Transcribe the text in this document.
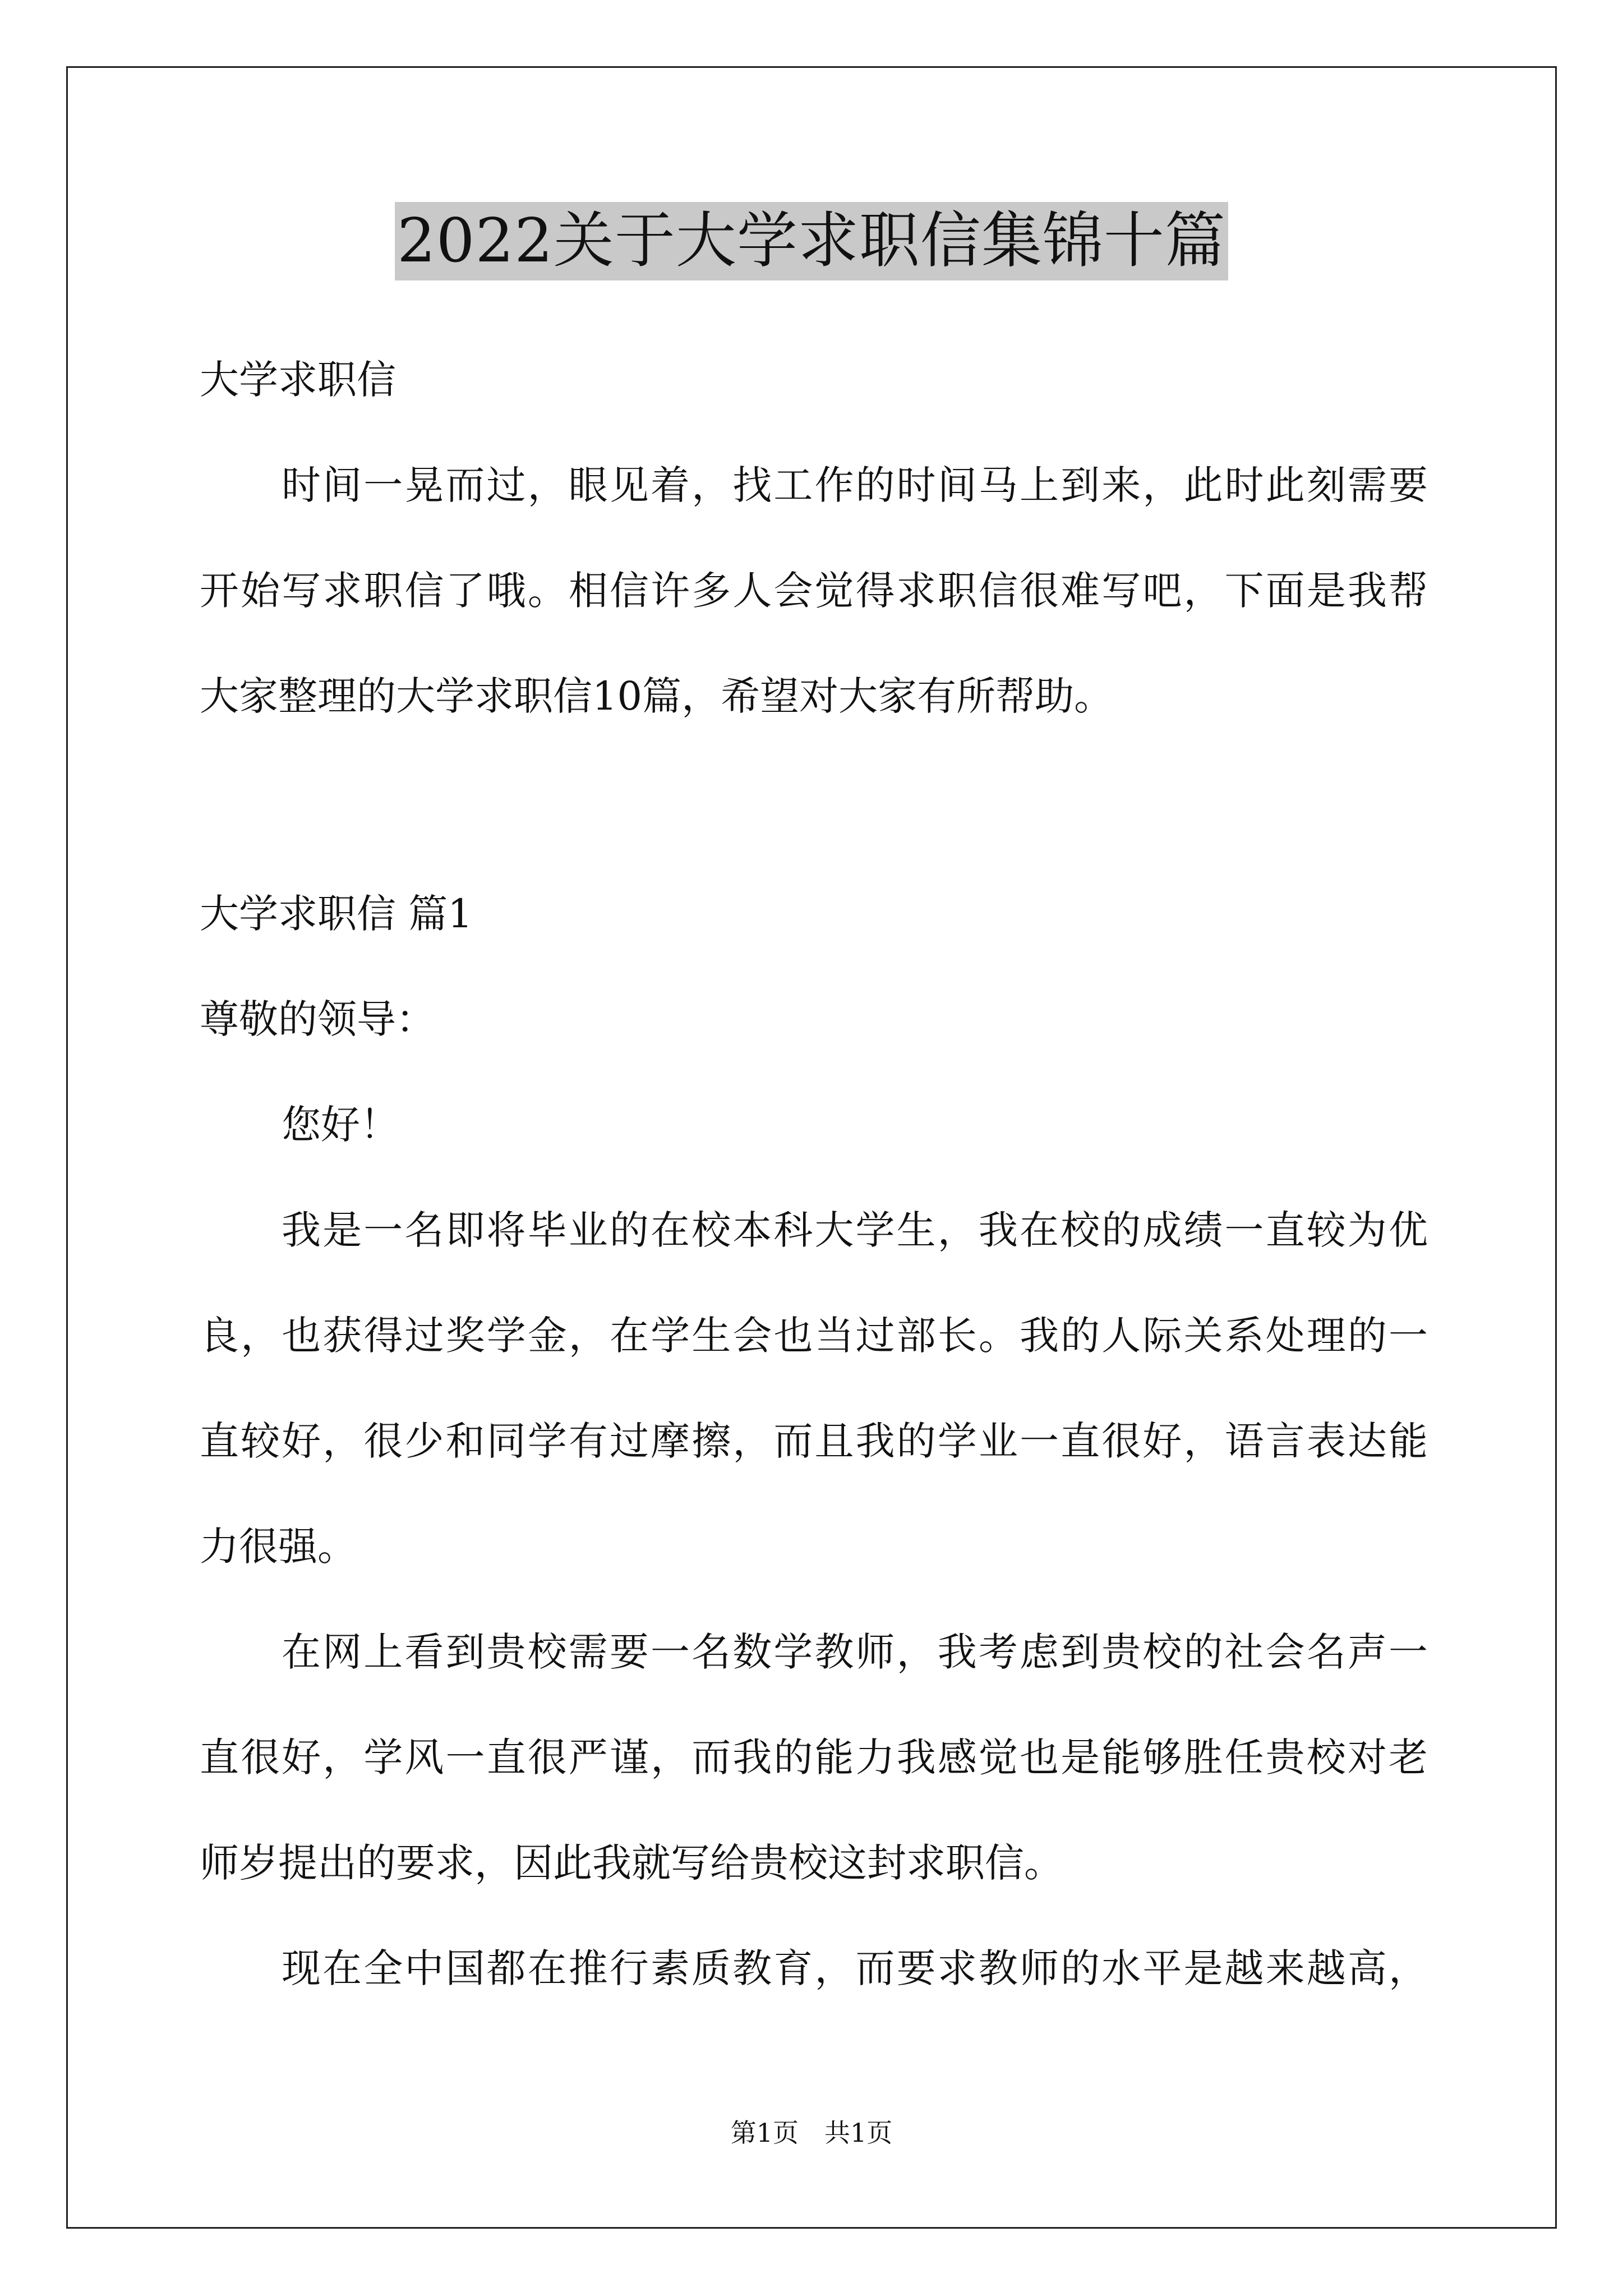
2022关于大学求职信集锦十篇
大学求职信
时间一晃而过，眼见着，找工作的时间马上到来，此时此刻需要
开始写求职信了哦。相信许多人会觉得求职信很难写吧，下面是我帮
大家整理的大学求职信10篇，希望对大家有所帮助。
大学求职信 篇1
尊敬的领导：
您好！
我是一名即将毕业的在校本科大学生，我在校的成绩一直较为优
良，也获得过奖学金，在学生会也当过部长。我的人际关系处理的一
直较好，很少和同学有过摩擦，而且我的学业一直很好，语言表达能
力很强。
在网上看到贵校需要一名数学教师，我考虑到贵校的社会名声一
直很好，学风一直很严谨，而我的能力我感觉也是能够胜任贵校对老
师岁提出的要求，因此我就写给贵校这封求职信。
现在全中国都在推行素质教育，而要求教师的水平是越来越高，
第1页　共1页
